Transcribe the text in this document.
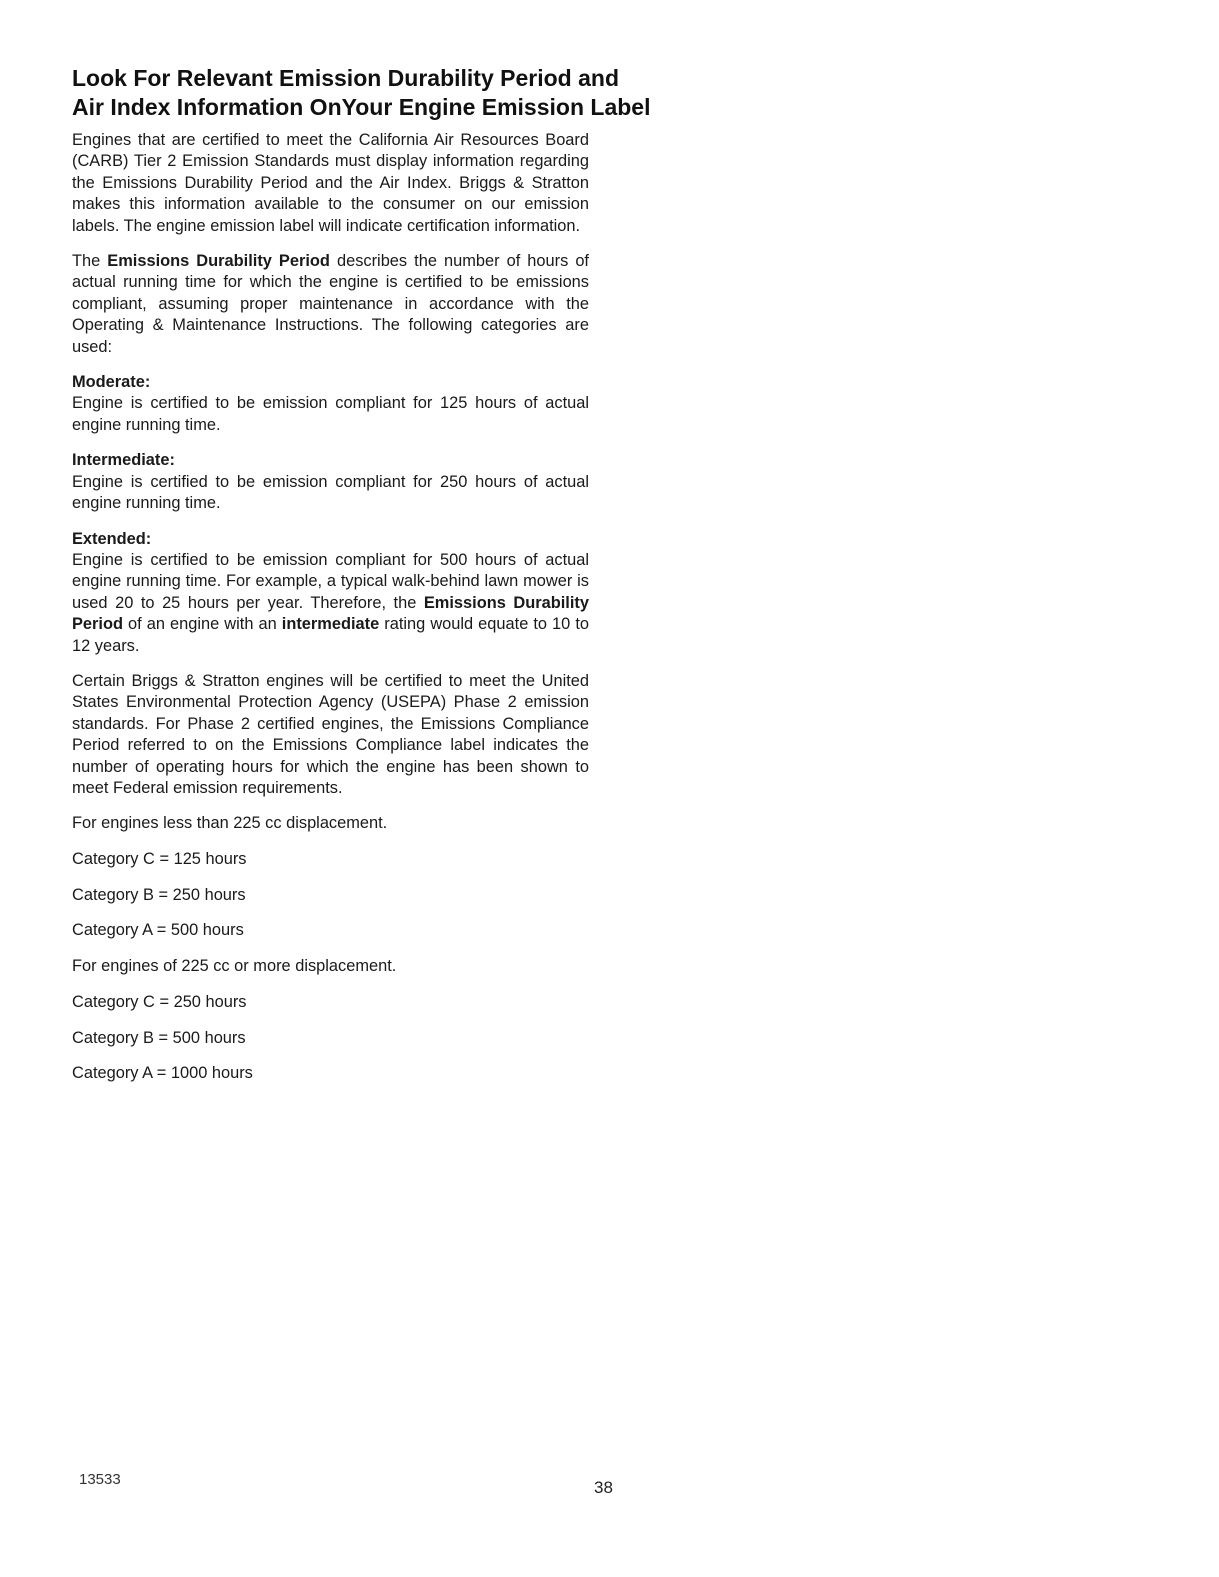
Look For Relevant Emission Durability Period and
Air Index Information OnYour Engine Emission Label

Engines that are certified to meet the California Air Resources Board (CARB) Tier 2 Emission Standards must display information regarding the Emissions Durability Period and the Air Index. Briggs & Stratton makes this information available to the consumer on our emission labels. The engine emission label will indicate certification information.

The Emissions Durability Period describes the number of hours of actual running time for which the engine is certified to be emissions compliant, assuming proper maintenance in accordance with the Operating & Maintenance Instructions. The following categories are used:

Moderate:

Engine is certified to be emission compliant for 125 hours of actual engine running time.

Intermediate:

Engine is certified to be emission compliant for 250 hours of actual engine running time.

Extended:

Engine is certified to be emission compliant for 500 hours of actual engine running time. For example, a typical walk-behind lawn mower is used 20 to 25 hours per year. Therefore, the Emissions Durability Period of an engine with an intermediate rating would equate to 10 to 12 years.

Certain Briggs & Stratton engines will be certified to meet the United States Environmental Protection Agency (USEPA) Phase 2 emission standards. For Phase 2 certified engines, the Emissions Compliance Period referred to on the Emissions Compliance label indicates the number of operating hours for which the engine has been shown to meet Federal emission requirements.

For engines less than 225 cc displacement.

Category C = 125 hours

Category B = 250 hours

Category A = 500 hours

For engines of 225 cc or more displacement.

Category C = 250 hours

Category B = 500 hours

Category A = 1000 hours

13533	38
